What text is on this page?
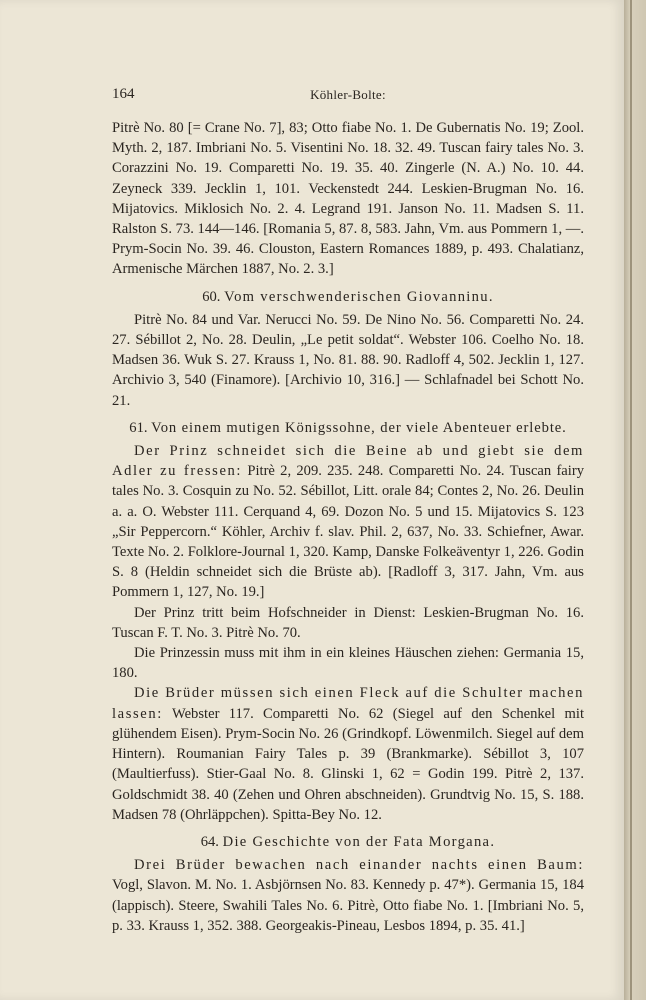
164	Köhler-Bolte:

Pitrè No. 80 [= Crane No. 7], 83; Otto fiabe No. 1. De Gubernatis No. 19; Zool. Myth. 2, 187. Imbriani No. 5. Visentini No. 18. 32. 49. Tuscan fairy tales No. 3. Corazzini No. 19. Comparetti No. 19. 35. 40. Zingerle (N. A.) No. 10. 44. Zeyneck 339. Jecklin 1, 101. Veckenstedt 244. Leskien-Brugman No. 16. Mijatovics. Miklosich No. 2. 4. Legrand 191. Janson No. 11. Madsen S. 11. Ralston S. 73. 144—146. [Romania 5, 87. 8, 583. Jahn, Vm. aus Pommern 1, —. Prym-Socin No. 39. 46. Clouston, Eastern Romances 1889, p. 493. Chalatianz, Armenische Märchen 1887, No. 2. 3.]

60. Vom verschwenderischen Giovanninu.

Pitrè No. 84 und Var. Nerucci No. 59. De Nino No. 56. Comparetti No. 24. 27. Sébillot 2, No. 28. Deulin, „Le petit soldat“. Webster 106. Coelho No. 18. Madsen 36. Wuk S. 27. Krauss 1, No. 81. 88. 90. Radloff 4, 502. Jecklin 1, 127. Archivio 3, 540 (Finamore). [Archivio 10, 316.] — Schlafnadel bei Schott No. 21.

61. Von einem mutigen Königssohne, der viele Abenteuer erlebte.

Der Prinz schneidet sich die Beine ab und giebt sie dem Adler zu fressen: Pitrè 2, 209. 235. 248. Comparetti No. 24. Tuscan fairy tales No. 3. Cosquin zu No. 52. Sébillot, Litt. orale 84; Contes 2, No. 26. Deulin a. a. O. Webster 111. Cerquand 4, 69. Dozon No. 5 und 15. Mijatovics S. 123 „Sir Peppercorn.“ Köhler, Archiv f. slav. Phil. 2, 637, No. 33. Schiefner, Awar. Texte No. 2. Folklore-Journal 1, 320. Kamp, Danske Folkeäventyr 1, 226. Godin S. 8 (Heldin schneidet sich die Brüste ab). [Radloff 3, 317. Jahn, Vm. aus Pommern 1, 127, No. 19.]

Der Prinz tritt beim Hofschneider in Dienst: Leskien-Brugman No. 16. Tuscan F. T. No. 3. Pitrè No. 70.

Die Prinzessin muss mit ihm in ein kleines Häuschen ziehen: Germania 15, 180.

Die Brüder müssen sich einen Fleck auf die Schulter machen lassen: Webster 117. Comparetti No. 62 (Siegel auf den Schenkel mit glühendem Eisen). Prym-Socin No. 26 (Grindkopf. Löwenmilch. Siegel auf dem Hintern). Roumanian Fairy Tales p. 39 (Brankmarke). Sébillot 3, 107 (Maultierfuss). Stier-Gaal No. 8. Glinski 1, 62 = Godin 199. Pitrè 2, 137. Goldschmidt 38. 40 (Zehen und Ohren abschneiden). Grundtvig No. 15, S. 188. Madsen 78 (Ohrläppchen). Spitta-Bey No. 12.

64. Die Geschichte von der Fata Morgana.

Drei Brüder bewachen nach einander nachts einen Baum: Vogl, Slavon. M. No. 1. Asbjörnsen No. 83. Kennedy p. 47*). Germania 15, 184 (lappisch). Steere, Swahili Tales No. 6. Pitrè, Otto fiabe No. 1. [Imbriani No. 5, p. 33. Krauss 1, 352. 388. Georgeakis-Pineau, Lesbos 1894, p. 35. 41.]
